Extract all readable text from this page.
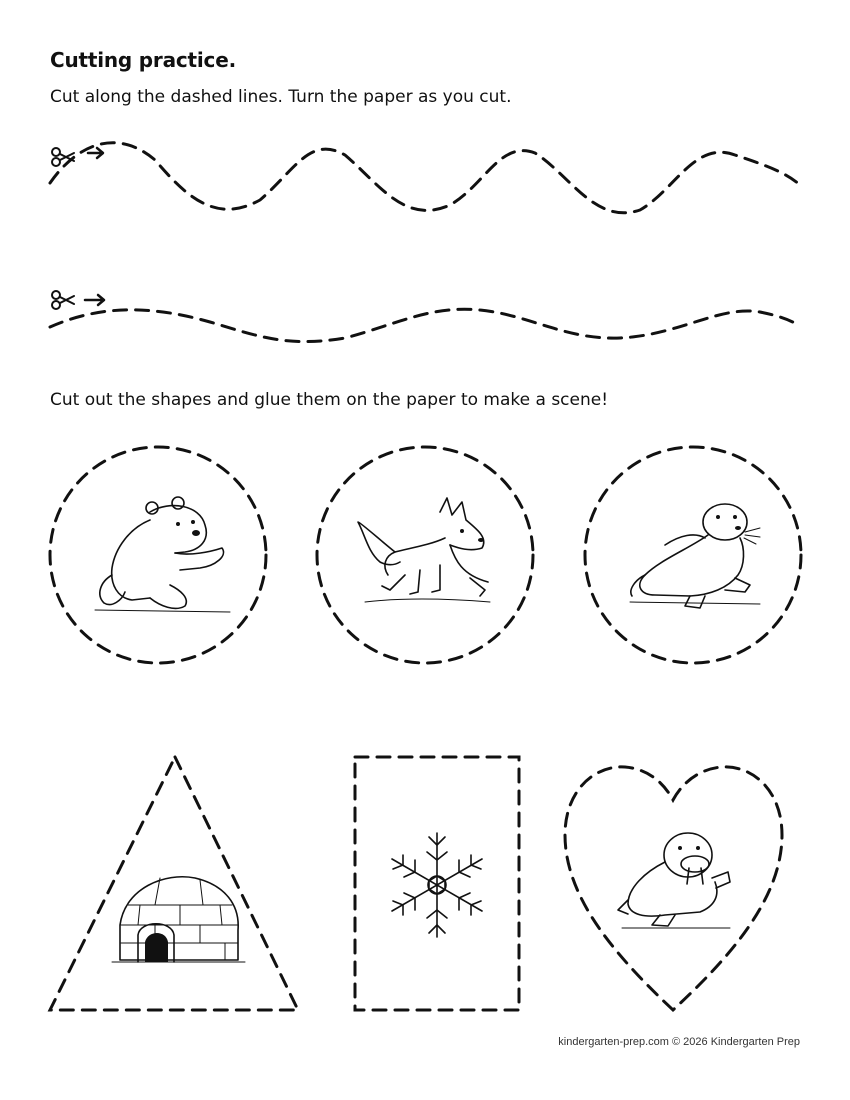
Cutting practice.
Cut along the dashed lines. Turn the paper as you cut.
Cut out the shapes and glue them on the paper to make a scene!
kindergarten-prep.com © 2026 Kindergarten Prep
